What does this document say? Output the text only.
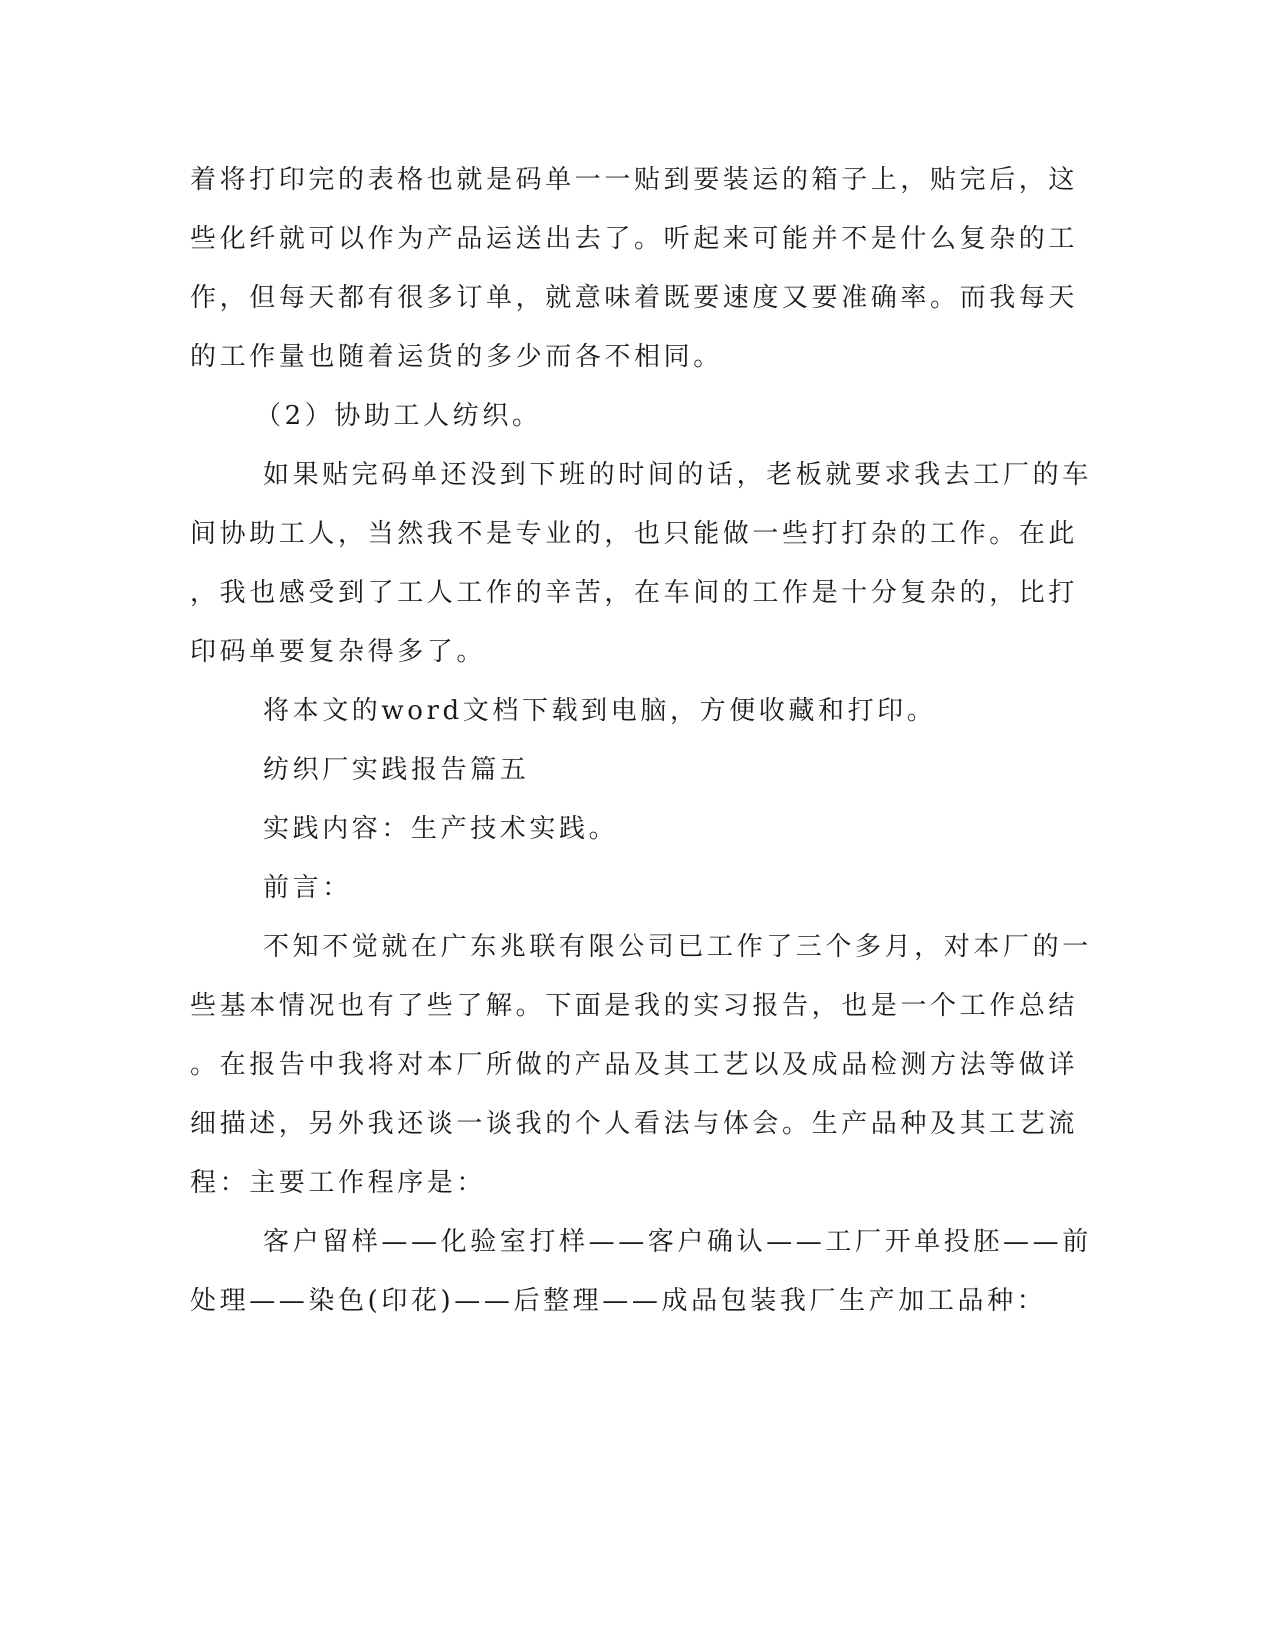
着将打印完的表格也就是码单一一贴到要装运的箱子上，贴完后，这
些化纤就可以作为产品运送出去了。听起来可能并不是什么复杂的工
作，但每天都有很多订单，就意味着既要速度又要准确率。而我每天
的工作量也随着运货的多少而各不相同。
（2）协助工人纺织。
如果贴完码单还没到下班的时间的话，老板就要求我去工厂的车
间协助工人，当然我不是专业的，也只能做一些打打杂的工作。在此
，我也感受到了工人工作的辛苦，在车间的工作是十分复杂的，比打
印码单要复杂得多了。
将本文的word文档下载到电脑，方便收藏和打印。
纺织厂实践报告篇五
实践内容：生产技术实践。
前言：
不知不觉就在广东兆联有限公司已工作了三个多月，对本厂的一
些基本情况也有了些了解。下面是我的实习报告，也是一个工作总结
。在报告中我将对本厂所做的产品及其工艺以及成品检测方法等做详
细描述，另外我还谈一谈我的个人看法与体会。生产品种及其工艺流
程：主要工作程序是：
客户留样——化验室打样——客户确认——工厂开单投胚——前
处理——染色(印花)——后整理——成品包装我厂生产加工品种：
